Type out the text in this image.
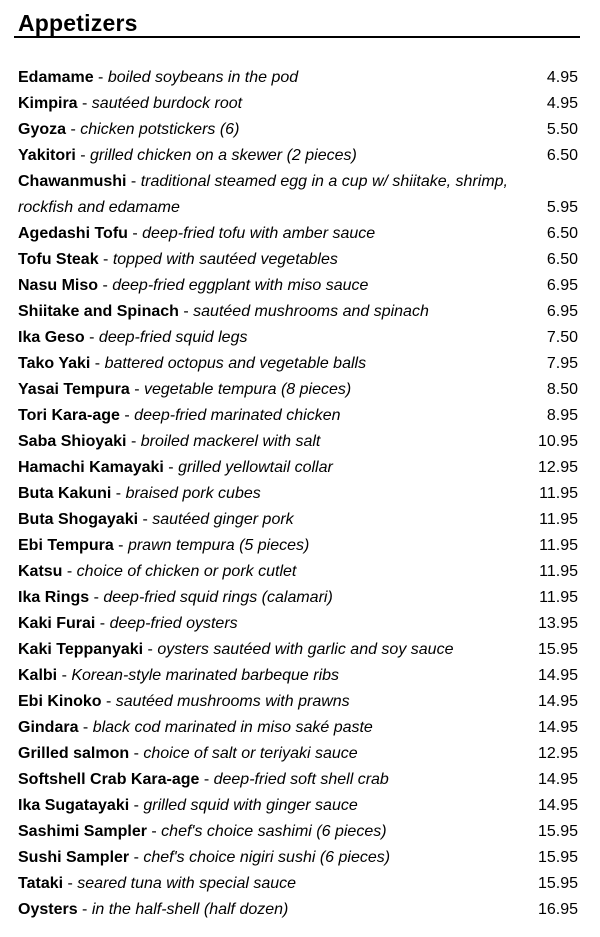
Appetizers
Edamame - boiled soybeans in the pod	4.95
Kimpira - sautéed burdock root	4.95
Gyoza - chicken potstickers (6)	5.50
Yakitori - grilled chicken on a skewer (2 pieces)	6.50
Chawanmushi - traditional steamed egg in a cup w/ shiitake, shrimp, rockfish and edamame	5.95
Agedashi Tofu - deep-fried tofu with amber sauce	6.50
Tofu Steak - topped with sautéed vegetables	6.50
Nasu Miso - deep-fried eggplant with miso sauce	6.95
Shiitake and Spinach - sautéed mushrooms and spinach	6.95
Ika Geso - deep-fried squid legs	7.50
Tako Yaki - battered octopus and vegetable balls	7.95
Yasai Tempura - vegetable tempura (8 pieces)	8.50
Tori Kara-age - deep-fried marinated chicken	8.95
Saba Shioyaki - broiled mackerel with salt	10.95
Hamachi Kamayaki - grilled yellowtail collar	12.95
Buta Kakuni - braised pork cubes	11.95
Buta Shogayaki - sautéed ginger pork	11.95
Ebi Tempura - prawn tempura (5 pieces)	11.95
Katsu - choice of chicken or pork cutlet	11.95
Ika Rings - deep-fried squid rings (calamari)	11.95
Kaki Furai - deep-fried oysters	13.95
Kaki Teppanyaki - oysters sautéed with garlic and soy sauce	15.95
Kalbi - Korean-style marinated barbeque ribs	14.95
Ebi Kinoko - sautéed mushrooms with prawns	14.95
Gindara - black cod marinated in miso saké paste	14.95
Grilled salmon - choice of salt or teriyaki sauce	12.95
Softshell Crab Kara-age - deep-fried soft shell crab	14.95
Ika Sugatayaki - grilled squid with ginger sauce	14.95
Sashimi Sampler - chef's choice sashimi (6 pieces)	15.95
Sushi Sampler - chef's choice nigiri sushi (6 pieces)	15.95
Tataki - seared tuna with special sauce	15.95
Oysters - in the half-shell (half dozen)	16.95
